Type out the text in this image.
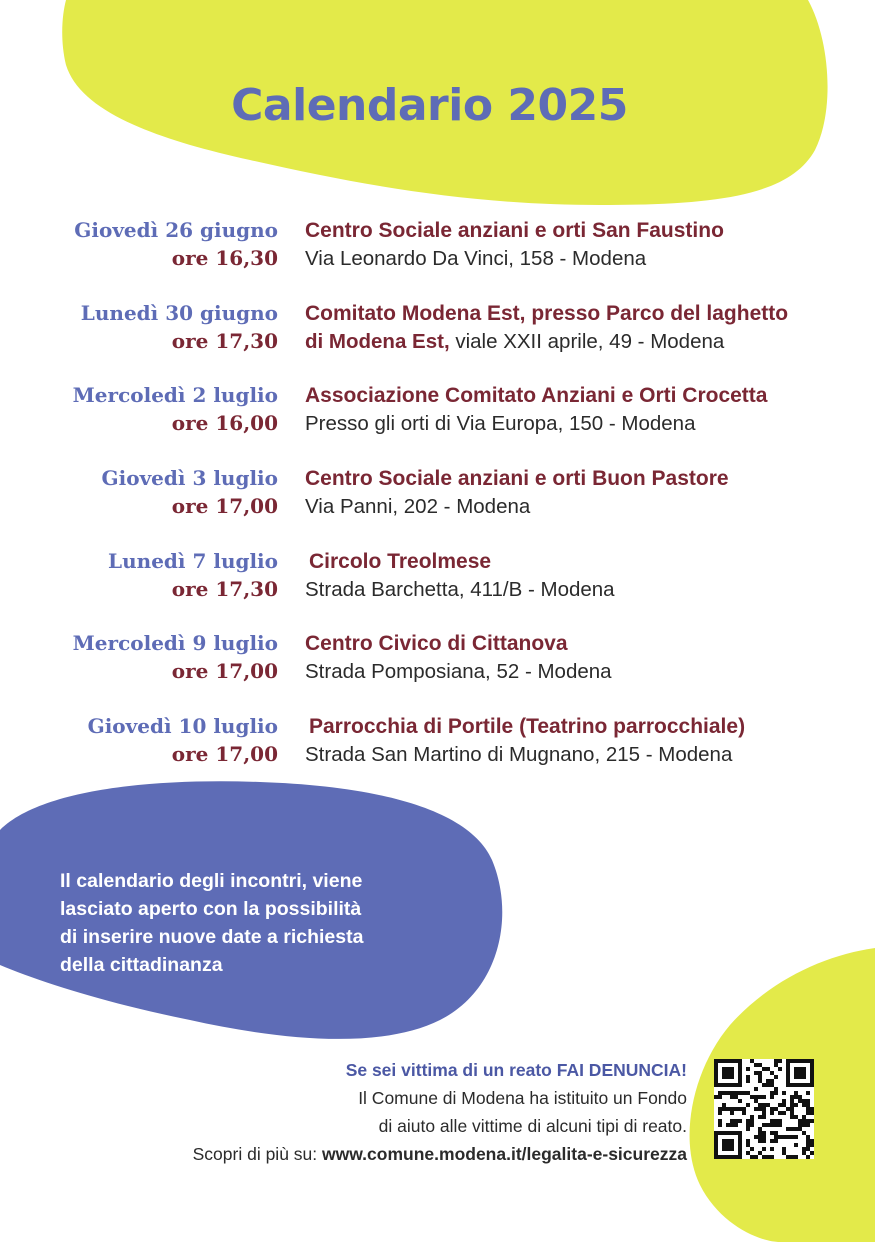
Calendario 2025
Giovedì 26 giugno
ore 16,30
Centro Sociale anziani e orti San Faustino
Via Leonardo Da Vinci, 158 - Modena
Lunedì 30 giugno
ore 17,30
Comitato Modena Est, presso Parco del laghetto
di Modena Est, viale XXII aprile, 49 - Modena
Mercoledì 2 luglio
ore 16,00
Associazione Comitato Anziani e Orti Crocetta
Presso gli orti di Via Europa, 150 - Modena
Giovedì 3 luglio
ore 17,00
Centro Sociale anziani e orti Buon Pastore
Via Panni, 202 - Modena
Lunedì 7 luglio
ore 17,30
Circolo Treolmese
Strada Barchetta, 411/B - Modena
Mercoledì 9 luglio
ore 17,00
Centro Civico di Cittanova
Strada Pomposiana, 52 - Modena
Giovedì 10 luglio
ore 17,00
Parrocchia di Portile (Teatrino parrocchiale)
Strada San Martino di Mugnano, 215 - Modena
Il calendario degli incontri, viene
lasciato aperto con la possibilità
di inserire nuove date a richiesta
della cittadinanza
Se sei vittima di un reato FAI DENUNCIA!
Il Comune di Modena ha istituito un Fondo
di aiuto alle vittime di alcuni tipi di reato.
Scopri di più su: www.comune.modena.it/legalita-e-sicurezza
